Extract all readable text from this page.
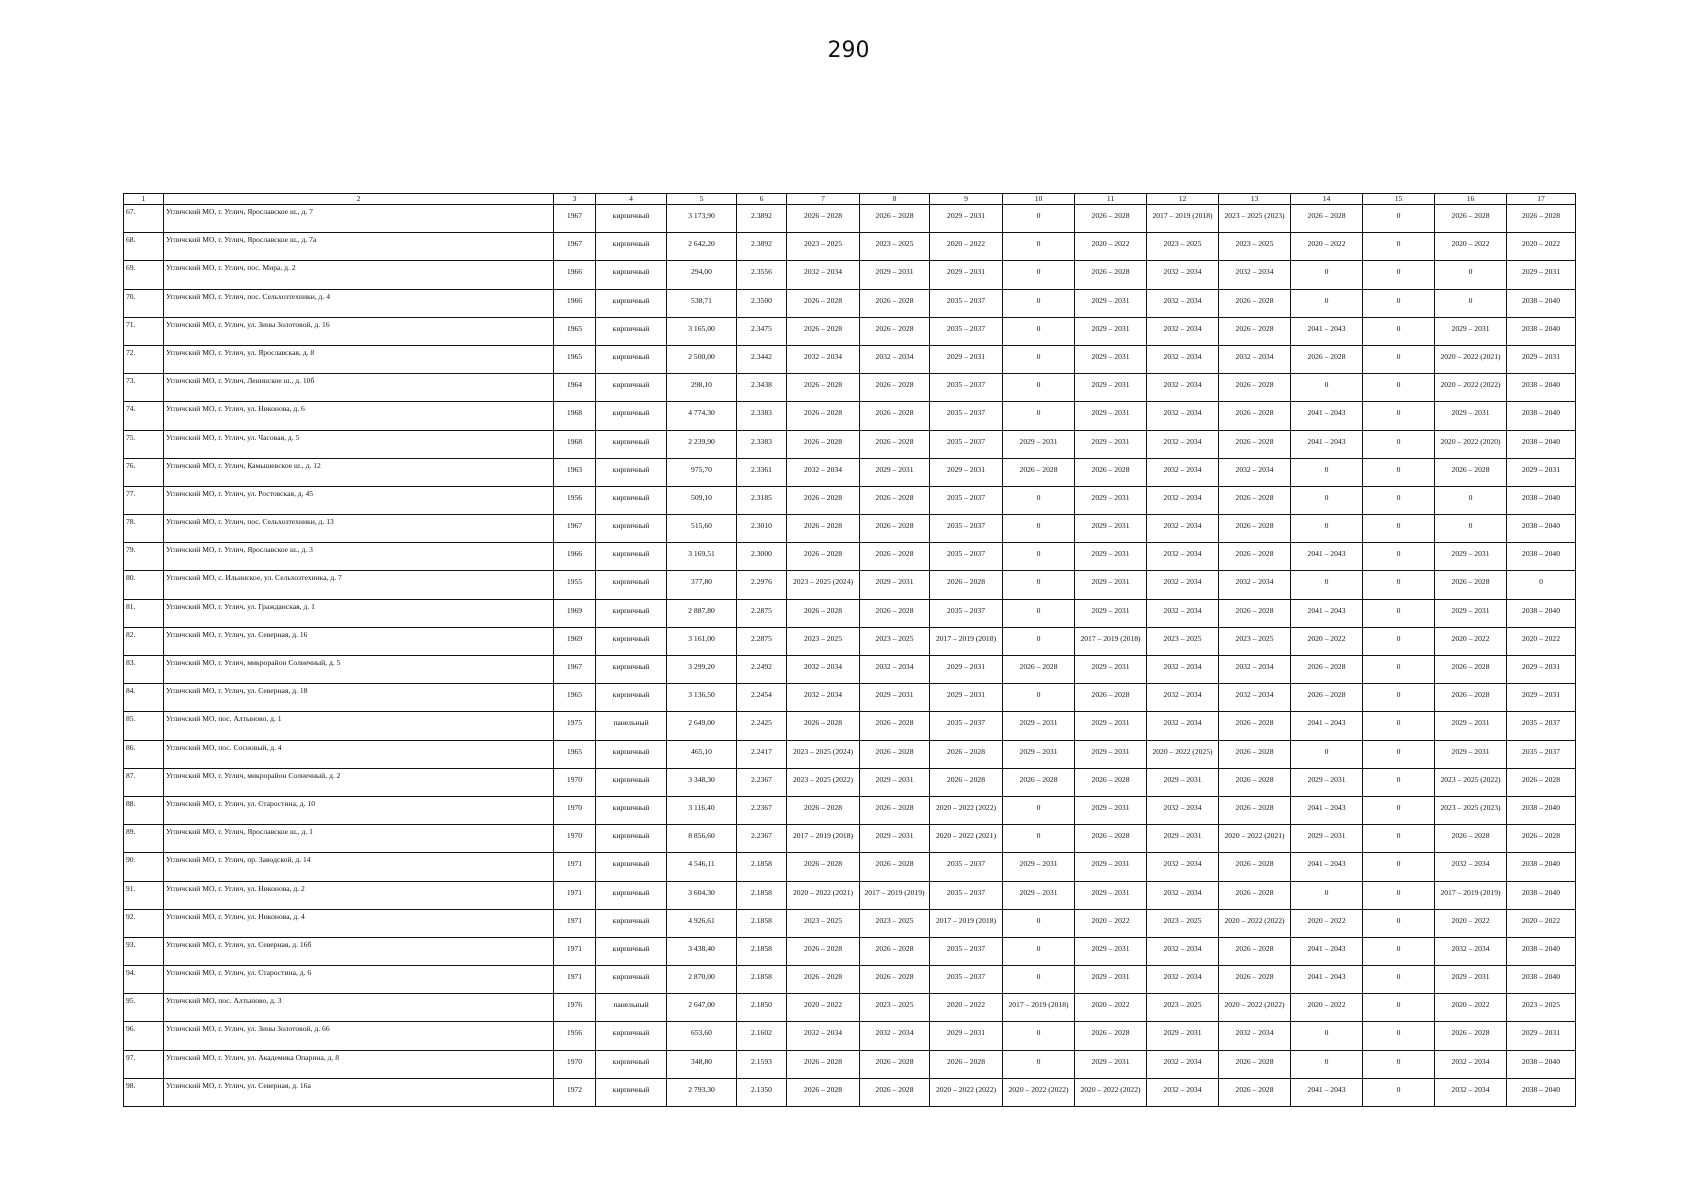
290
1	2	3	4	5	6	7	8	9	10	11	12	13	14	15	16	17
67.	Угличский МО, г. Углич, Ярославское ш., д. 7	1967	кирпичный	3 173,90	2.3892	2026 – 2028	2026 – 2028	2029 – 2031	0	2026 – 2028	2017 – 2019 (2018)	2023 – 2025 (2023)	2026 – 2028	0	2026 – 2028	2026 – 2028
68.	Угличский МО, г. Углич, Ярославское ш., д. 7а	1967	кирпичный	2 642,20	2.3892	2023 – 2025	2023 – 2025	2020 – 2022	0	2020 – 2022	2023 – 2025	2023 – 2025	2020 – 2022	0	2020 – 2022	2020 – 2022
69.	Угличский МО, г. Углич, пос. Мира, д. 2	1966	кирпичный	294,00	2.3556	2032 – 2034	2029 – 2031	2029 – 2031	0	2026 – 2028	2032 – 2034	2032 – 2034	0	0	0	2029 – 2031
70.	Угличский МО, г. Углич, пос. Сельхозтехники, д. 4	1966	кирпичный	538,71	2.3500	2026 – 2028	2026 – 2028	2035 – 2037	0	2029 – 2031	2032 – 2034	2026 – 2028	0	0	0	2038 – 2040
71.	Угличский МО, г. Углич, ул. Зины Золотовой, д. 16	1965	кирпичный	3 165,00	2.3475	2026 – 2028	2026 – 2028	2035 – 2037	0	2029 – 2031	2032 – 2034	2026 – 2028	2041 – 2043	0	2029 – 2031	2038 – 2040
72.	Угличский МО, г. Углич, ул. Ярославская, д. 8	1965	кирпичный	2 500,00	2.3442	2032 – 2034	2032 – 2034	2029 – 2031	0	2029 – 2031	2032 – 2034	2032 – 2034	2026 – 2028	0	2020 – 2022 (2021)	2029 – 2031
73.	Угличский МО, г. Углич, Ленинское ш., д. 10б	1964	кирпичный	298,10	2.3438	2026 – 2028	2026 – 2028	2035 – 2037	0	2029 – 2031	2032 – 2034	2026 – 2028	0	0	2020 – 2022 (2022)	2038 – 2040
74.	Угличский МО, г. Углич, ул. Никонова, д. 6	1968	кирпичный	4 774,30	2.3383	2026 – 2028	2026 – 2028	2035 – 2037	0	2029 – 2031	2032 – 2034	2026 – 2028	2041 – 2043	0	2029 – 2031	2038 – 2040
75.	Угличский МО, г. Углич, ул. Часовая, д. 5	1968	кирпичный	2 239,90	2.3383	2026 – 2028	2026 – 2028	2035 – 2037	2029 – 2031	2029 – 2031	2032 – 2034	2026 – 2028	2041 – 2043	0	2020 – 2022 (2020)	2038 – 2040
76.	Угличский МО, г. Углич, Камышевское ш., д. 12	1963	кирпичный	975,70	2.3361	2032 – 2034	2029 – 2031	2029 – 2031	2026 – 2028	2026 – 2028	2032 – 2034	2032 – 2034	0	0	2026 – 2028	2029 – 2031
77.	Угличский МО, г. Углич, ул. Ростовская, д. 45	1956	кирпичный	509,10	2.3185	2026 – 2028	2026 – 2028	2035 – 2037	0	2029 – 2031	2032 – 2034	2026 – 2028	0	0	0	2038 – 2040
78.	Угличский МО, г. Углич, пос. Сельхозтехники, д. 13	1967	кирпичный	515,60	2.3010	2026 – 2028	2026 – 2028	2035 – 2037	0	2029 – 2031	2032 – 2034	2026 – 2028	0	0	0	2038 – 2040
79.	Угличский МО, г. Углич, Ярославское ш., д. 3	1966	кирпичный	3 169,51	2.3000	2026 – 2028	2026 – 2028	2035 – 2037	0	2029 – 2031	2032 – 2034	2026 – 2028	2041 – 2043	0	2029 – 2031	2038 – 2040
80.	Угличский МО, с. Ильинское, ул. Сельхозтехника, д. 7	1955	кирпичный	377,80	2.2976	2023 – 2025 (2024)	2029 – 2031	2026 – 2028	0	2029 – 2031	2032 – 2034	2032 – 2034	0	0	2026 – 2028	0
81.	Угличский МО, г. Углич, ул. Гражданская, д. 1	1969	кирпичный	2 887,80	2.2875	2026 – 2028	2026 – 2028	2035 – 2037	0	2029 – 2031	2032 – 2034	2026 – 2028	2041 – 2043	0	2029 – 2031	2038 – 2040
82.	Угличский МО, г. Углич, ул. Северная, д. 16	1969	кирпичный	3 161,00	2.2875	2023 – 2025	2023 – 2025	2017 – 2019 (2018)	0	2017 – 2019 (2018)	2023 – 2025	2023 – 2025	2020 – 2022	0	2020 – 2022	2020 – 2022
83.	Угличский МО, г. Углич, микрорайон Солнечный, д. 5	1967	кирпичный	3 299,20	2.2492	2032 – 2034	2032 – 2034	2029 – 2031	2026 – 2028	2029 – 2031	2032 – 2034	2032 – 2034	2026 – 2028	0	2026 – 2028	2029 – 2031
84.	Угличский МО, г. Углич, ул. Северная, д. 18	1965	кирпичный	3 136,50	2.2454	2032 – 2034	2029 – 2031	2029 – 2031	0	2026 – 2028	2032 – 2034	2032 – 2034	2026 – 2028	0	2026 – 2028	2029 – 2031
85.	Угличский МО, пос. Алтыново, д. 1	1975	панельный	2 649,00	2.2425	2026 – 2028	2026 – 2028	2035 – 2037	2029 – 2031	2029 – 2031	2032 – 2034	2026 – 2028	2041 – 2043	0	2029 – 2031	2035 – 2037
86.	Угличский МО, пос. Сосновый, д. 4	1965	кирпичный	465,10	2.2417	2023 – 2025 (2024)	2026 – 2028	2026 – 2028	2029 – 2031	2029 – 2031	2020 – 2022 (2025)	2026 – 2028	0	0	2029 – 2031	2035 – 2037
87.	Угличский МО, г. Углич, микрорайон Солнечный, д. 2	1970	кирпичный	3 348,30	2.2367	2023 – 2025 (2022)	2029 – 2031	2026 – 2028	2026 – 2028	2026 – 2028	2029 – 2031	2026 – 2028	2029 – 2031	0	2023 – 2025 (2022)	2026 – 2028
88.	Угличский МО, г. Углич, ул. Старостина, д. 10	1970	кирпичный	3 116,40	2.2367	2026 – 2028	2026 – 2028	2020 – 2022 (2022)	0	2029 – 2031	2032 – 2034	2026 – 2028	2041 – 2043	0	2023 – 2025 (2023)	2038 – 2040
89.	Угличский МО, г. Углич, Ярославское ш., д. 1	1970	кирпичный	8 856,60	2.2367	2017 – 2019 (2018)	2029 – 2031	2020 – 2022 (2021)	0	2026 – 2028	2029 – 2031	2020 – 2022 (2021)	2029 – 2031	0	2026 – 2028	2026 – 2028
90.	Угличский МО, г. Углич, пр. Заводской, д. 14	1971	кирпичный	4 546,11	2.1858	2026 – 2028	2026 – 2028	2035 – 2037	2029 – 2031	2029 – 2031	2032 – 2034	2026 – 2028	2041 – 2043	0	2032 – 2034	2038 – 2040
91.	Угличский МО, г. Углич, ул. Никонова, д. 2	1971	кирпичный	3 604,30	2.1858	2020 – 2022 (2021)	2017 – 2019 (2019)	2035 – 2037	2029 – 2031	2029 – 2031	2032 – 2034	2026 – 2028	0	0	2017 – 2019 (2019)	2038 – 2040
92.	Угличский МО, г. Углич, ул. Никонова, д. 4	1971	кирпичный	4 926,61	2.1858	2023 – 2025	2023 – 2025	2017 – 2019 (2018)	0	2020 – 2022	2023 – 2025	2020 – 2022 (2022)	2020 – 2022	0	2020 – 2022	2020 – 2022
93.	Угличский МО, г. Углич, ул. Северная, д. 16б	1971	кирпичный	3 438,40	2.1858	2026 – 2028	2026 – 2028	2035 – 2037	0	2029 – 2031	2032 – 2034	2026 – 2028	2041 – 2043	0	2032 – 2034	2038 – 2040
94.	Угличский МО, г. Углич, ул. Старостина, д. 6	1971	кирпичный	2 870,00	2.1858	2026 – 2028	2026 – 2028	2035 – 2037	0	2029 – 2031	2032 – 2034	2026 – 2028	2041 – 2043	0	2029 – 2031	2038 – 2040
95.	Угличский МО, пос. Алтыново, д. 3	1976	панельный	2 647,00	2.1850	2020 – 2022	2023 – 2025	2020 – 2022	2017 – 2019 (2018)	2020 – 2022	2023 – 2025	2020 – 2022 (2022)	2020 – 2022	0	2020 – 2022	2023 – 2025
96.	Угличский МО, г. Углич, ул. Зины Золотовой, д. 66	1956	кирпичный	653,60	2.1602	2032 – 2034	2032 – 2034	2029 – 2031	0	2026 – 2028	2029 – 2031	2032 – 2034	0	0	2026 – 2028	2029 – 2031
97.	Угличский МО, г. Углич, ул. Академика Опарина, д. 8	1970	кирпичный	348,80	2.1593	2026 – 2028	2026 – 2028	2026 – 2028	0	2029 – 2031	2032 – 2034	2026 – 2028	0	0	2032 – 2034	2038 – 2040
98.	Угличский МО, г. Углич, ул. Северная, д. 16а	1972	кирпичный	2 793,30	2.1350	2026 – 2028	2026 – 2028	2020 – 2022 (2022)	2020 – 2022 (2022)	2020 – 2022 (2022)	2032 – 2034	2026 – 2028	2041 – 2043	0	2032 – 2034	2038 – 2040
